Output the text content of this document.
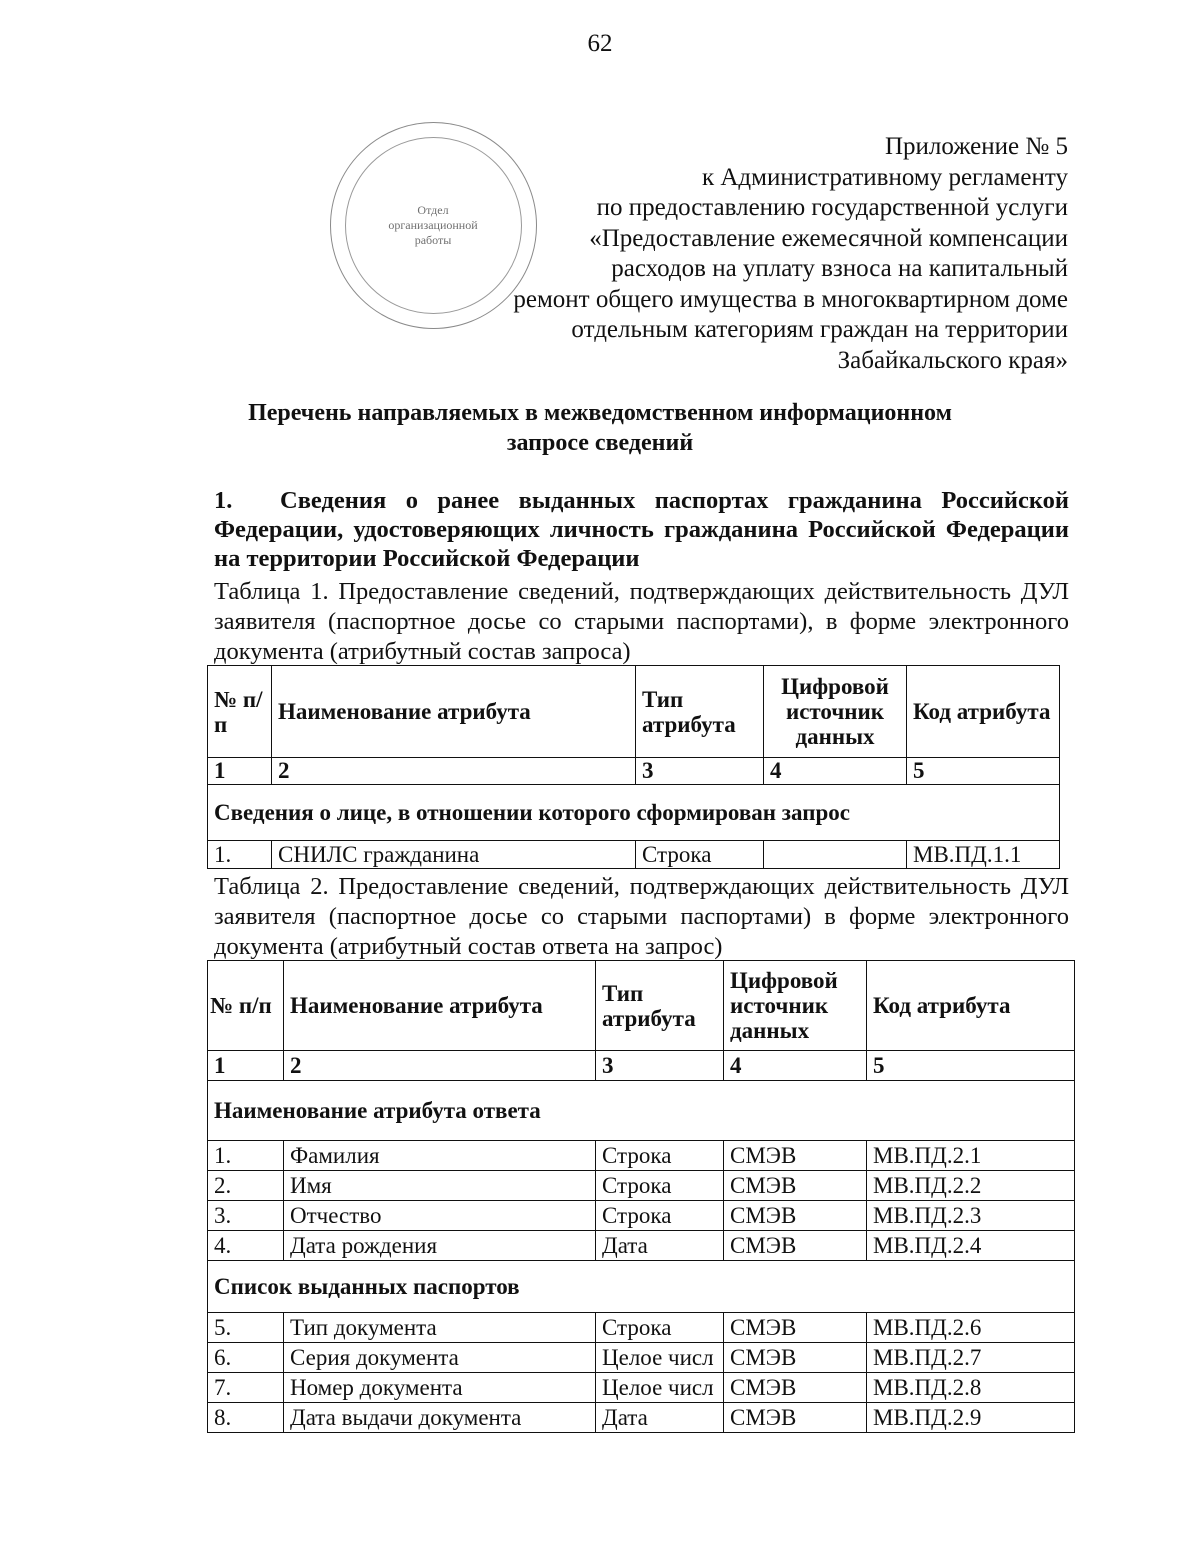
62
Отдел
организационной
работы
Приложение № 5
к Административному регламенту
по предоставлению государственной услуги
«Предоставление ежемесячной компенсации
расходов на уплату взноса на капитальный
ремонт общего имущества в многоквартирном доме
отдельным категориям граждан на территории
Забайкальского края»
Перечень направляемых в межведомственном информационном
запросе сведений
1. Сведения о ранее выданных паспортах гражданина Российской Федерации, удостоверяющих личность гражданина Российской Федерации на территории Российской Федерации
Таблица 1. Предоставление сведений, подтверждающих действительность ДУЛ заявителя (паспортное досье со старыми паспортами), в форме электронного документа (атрибутный состав запроса)
№ п/п	Наименование атрибута	Тип атрибута	Цифровой источник данных	Код атрибута
1	2	3	4	5
Сведения о лице, в отношении которого сформирован запрос				
1.	СНИЛС гражданина	Строка		МВ.ПД.1.1
Таблица 2. Предоставление сведений, подтверждающих действительность ДУЛ заявителя (паспортное досье со старыми паспортами) в форме электронного документа (атрибутный состав ответа на запрос)
№ п/п	Наименование атрибута	Тип атрибута	Цифровой источник данных	Код атрибута
1	2	3	4	5
Наименование атрибута ответа				
1.	Фамилия	Строка	СМЭВ	МВ.ПД.2.1
2.	Имя	Строка	СМЭВ	МВ.ПД.2.2
3.	Отчество	Строка	СМЭВ	МВ.ПД.2.3
4.	Дата рождения	Дата	СМЭВ	МВ.ПД.2.4
Список выданных паспортов				
5.	Тип документа	Строка	СМЭВ	МВ.ПД.2.6
6.	Серия документа	Целое числ	СМЭВ	МВ.ПД.2.7
7.	Номер документа	Целое числ	СМЭВ	МВ.ПД.2.8
8.	Дата выдачи документа	Дата	СМЭВ	МВ.ПД.2.9
